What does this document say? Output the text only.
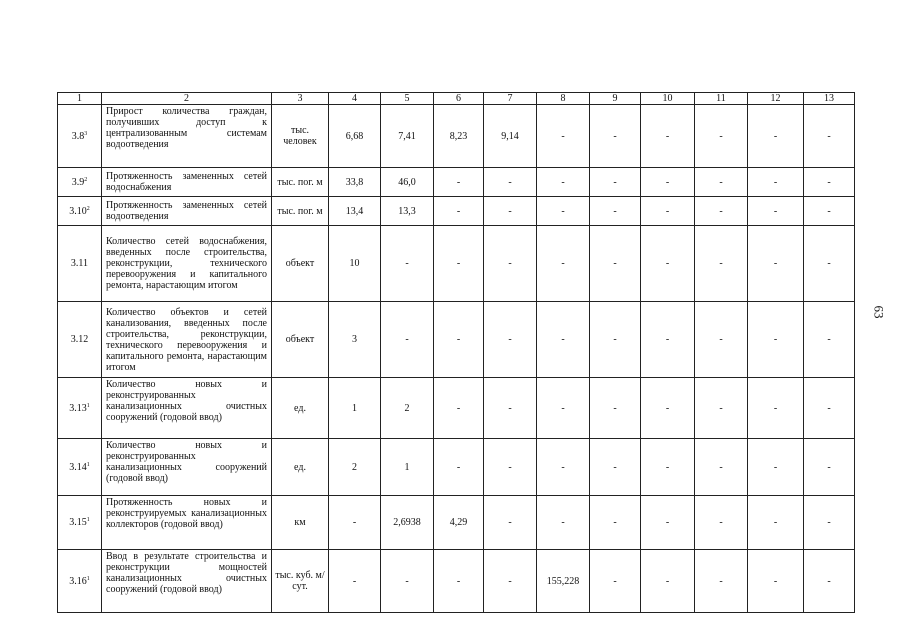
1	2	3	4	5	6	7	8	9	10	11	12	13
$3.8^3$	Прирост количества граждан, получивших доступ к централизованным системам водоотведения	тыс. человек	6,68	7,41	8,23	9,14	-	-	-	-	-	-
$3.9^2$	Протяженность замененных сетей водоснабжения	тыс. пог. м	33,8	46,0	-	-	-	-	-	-	-	-
3.10$^2$	Протяженность замененных сетей водоотведения	тыс. пог. м	13,4	13,3	-	-	-	-	-	-	-	-
3.11	Количество сетей водоснабжения, введенных после строительства, реконструкции, технического перевооружения и капитального ремонта, нарастающим итогом	объект	10	-	-	-	-	-	-	-	-	-
3.12	Количество объектов и сетей канализования, введенных после строительства, реконструкции, технического перевооружения и капитального ремонта, нарастающим итогом	объект	3	-	-	-	-	-	-	-	-	-
3.13$^1$	Количество новых и реконструированных канализационных очистных сооружений (годовой ввод)	ед.	1	2	-	-	-	-	-	-	-	-
3.14$^1$	Количество новых и реконструированных канализационных сооружений (годовой ввод)	ед.	2	1	-	-	-	-	-	-	-	-
3.15$^1$	Протяженность новых и реконструируемых канализационных коллекторов (годовой ввод)	км	-	2,6938	4,29	-	-	-	-	-	-	-
3.16$^1$	Ввод в результате строительства и реконструкции мощностей канализационных очистных сооружений (годовой ввод)	тыс. куб. м/сут.	-	-	-	-	155,228	-	-	-	-	-
63
